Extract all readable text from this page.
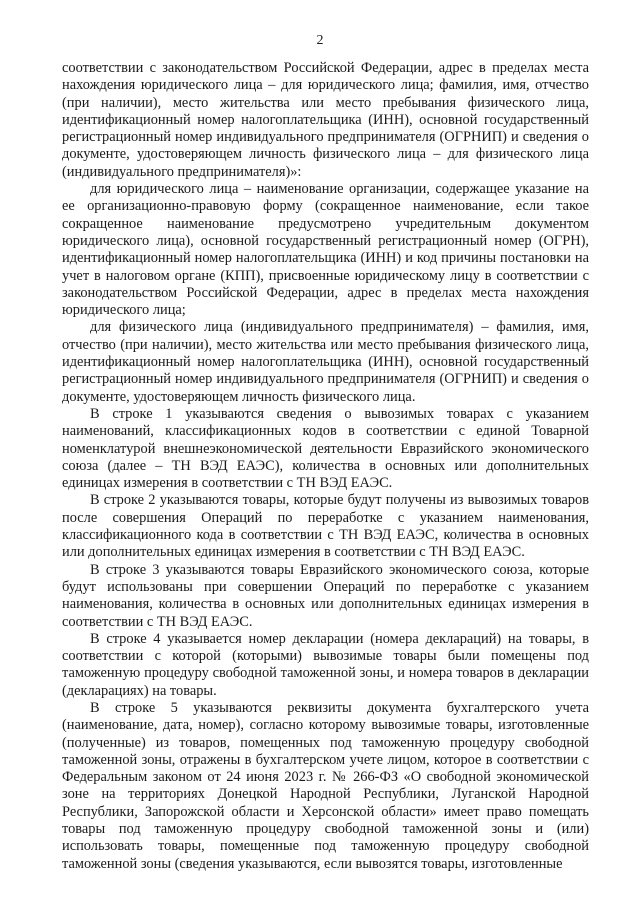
2

соответствии с законодательством Российской Федерации, адрес в пределах места нахождения юридического лица – для юридического лица; фамилия, имя, отчество (при наличии), место жительства или место пребывания физического лица, идентификационный номер налогоплательщика (ИНН), основной государственный регистрационный номер индивидуального предпринимателя (ОГРНИП) и сведения о документе, удостоверяющем личность физического лица – для физического лица (индивидуального предпринимателя)»:

для юридического лица – наименование организации, содержащее указание на ее организационно-правовую форму (сокращенное наименование, если такое сокращенное наименование предусмотрено учредительным документом юридического лица), основной государственный регистрационный номер (ОГРН), идентификационный номер налогоплательщика (ИНН) и код причины постановки на учет в налоговом органе (КПП), присвоенные юридическому лицу в соответствии с законодательством Российской Федерации, адрес в пределах места нахождения юридического лица;

для физического лица (индивидуального предпринимателя) – фамилия, имя, отчество (при наличии), место жительства или место пребывания физического лица, идентификационный номер налогоплательщика (ИНН), основной государственный регистрационный номер индивидуального предпринимателя (ОГРНИП) и сведения о документе, удостоверяющем личность физического лица.

В строке 1 указываются сведения о вывозимых товарах с указанием наименований, классификационных кодов в соответствии с единой Товарной номенклатурой внешнеэкономической деятельности Евразийского экономического союза (далее – ТН ВЭД ЕАЭС), количества в основных или дополнительных единицах измерения в соответствии с ТН ВЭД ЕАЭС.

В строке 2 указываются товары, которые будут получены из вывозимых товаров после совершения Операций по переработке с указанием наименования, классификационного кода в соответствии с ТН ВЭД ЕАЭС, количества в основных или дополнительных единицах измерения в соответствии с ТН ВЭД ЕАЭС.

В строке 3 указываются товары Евразийского экономического союза, которые будут использованы при совершении Операций по переработке с указанием наименования, количества в основных или дополнительных единицах измерения в соответствии с ТН ВЭД ЕАЭС.

В строке 4 указывается номер декларации (номера деклараций) на товары, в соответствии с которой (которыми) вывозимые товары были помещены под таможенную процедуру свободной таможенной зоны, и номера товаров в декларации (декларациях) на товары.

В строке 5 указываются реквизиты документа бухгалтерского учета (наименование, дата, номер), согласно которому вывозимые товары, изготовленные (полученные) из товаров, помещенных под таможенную процедуру свободной таможенной зоны, отражены в бухгалтерском учете лицом, которое в соответствии с Федеральным законом от 24 июня 2023 г. № 266-ФЗ «О свободной экономической зоне на территориях Донецкой Народной Республики, Луганской Народной Республики, Запорожской области и Херсонской области» имеет право помещать товары под таможенную процедуру свободной таможенной зоны и (или) использовать товары, помещенные под таможенную процедуру свободной таможенной зоны (сведения указываются, если вывозятся товары, изготовленные
